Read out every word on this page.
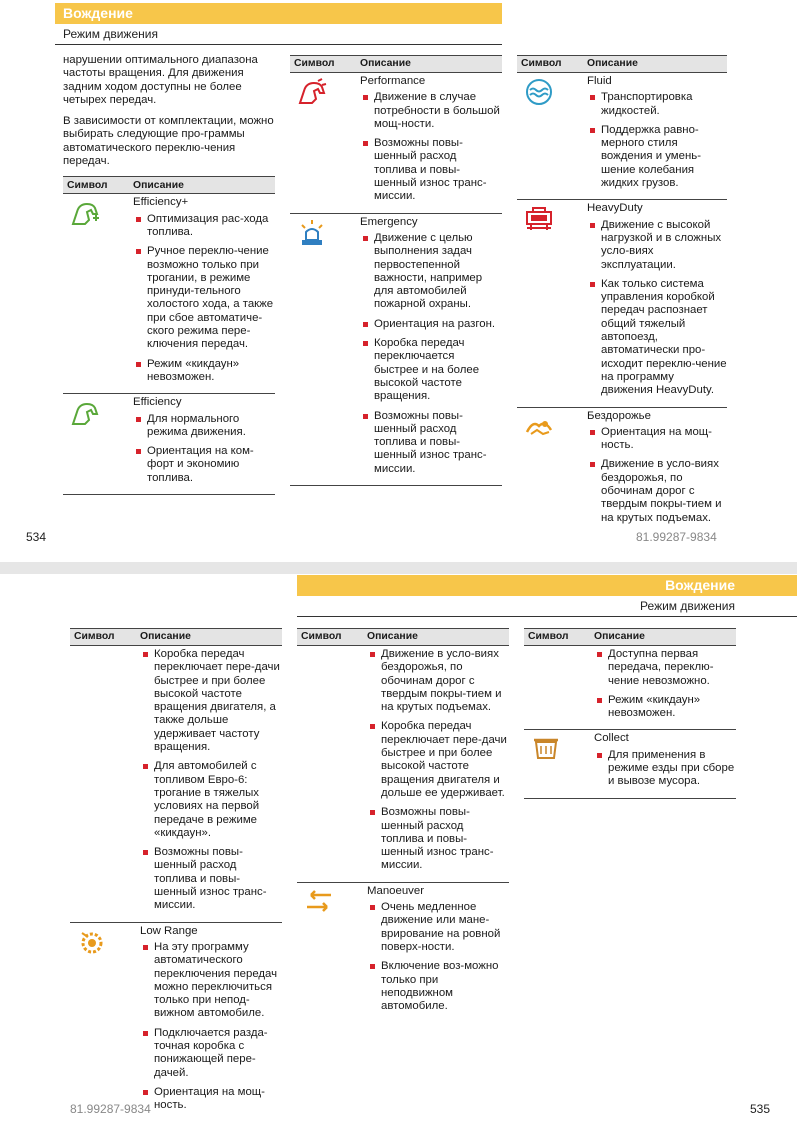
Вождение
Режим движения

нарушении оптимального диапазона частоты вращения. Для движения задним ходом доступны не более четырех передач.

В зависимости от комплектации, можно выбирать следующие про-граммы автоматического переклю-чения передач.

Символ	Описание
Efficiency+
Оптимизация рас-хода топлива.
Ручное переклю-чение возможно только при трогании, в режиме принуди-тельного холостого хода, а также при сбое автоматиче-ского режима пере-ключения передач.
Режим «кикдаун» невозможен.
Efficiency
Для нормального режима движения.
Ориентация на ком-форт и экономию топлива.
Символ	Описание
Performance
Движение в случае потребности в большой мощ-ности.
Возможны повы-шенный расход топлива и повы-шенный износ транс-миссии.
Emergency
Движение с целью выполнения задач первостепенной важности, например для автомобилей пожарной охраны.
Ориентация на разгон.
Коробка передач переключается быстрее и на более высокой частоте вращения.
Возможны повы-шенный расход топлива и повы-шенный износ транс-миссии.
Символ	Описание
Fluid
Транспортировка жидкостей.
Поддержка равно-мерного стиля вождения и умень-шение колебания жидких грузов.
HeavyDuty
Движение с высокой нагрузкой и в сложных усло-виях эксплуатации.
Как только система управления коробкой передач распознает общий тяжелый автопоезд, автоматически про-исходит переклю-чение на программу движения HeavyDuty.
Бездорожье
Ориентация на мощ-ность.
Движение в усло-виях бездорожья, по обочинам дорог с твердым покры-тием и на крутых подъемах.
534	81.99287-9834
Вождение
Режим движения
Символ	Описание
Коробка передач переключает пере-дачи быстрее и при более высокой частоте вращения двигателя, а также дольше удерживает частоту вращения.
Для автомобилей с топливом Евро-6: трогание в тяжелых условиях на первой передаче в режиме «кикдаун».
Возможны повы-шенный расход топлива и повы-шенный износ транс-миссии.
Low Range
На эту программу автоматического переключения передач можно переключиться только при непод-вижном автомобиле.
Подключается разда-точная коробка с понижающей пере-дачей.
Ориентация на мощ-ность.
Символ	Описание
Движение в усло-виях бездорожья, по обочинам дорог с твердым покры-тием и на крутых подъемах.
Коробка передач переключает пере-дачи быстрее и при более высокой частоте вращения двигателя и дольше ее удерживает.
Возможны повы-шенный расход топлива и повы-шенный износ транс-миссии.
Manoeuver
Очень медленное движение или мане-врирование на ровной поверх-ности.
Включение воз-можно только при неподвижном автомобиле.
Символ	Описание
Доступна первая передача, переклю-чение невозможно.
Режим «кикдаун» невозможен.
Collect
Для применения в режиме езды при сборе и вывозе мусора.
81.99287-9834	535
